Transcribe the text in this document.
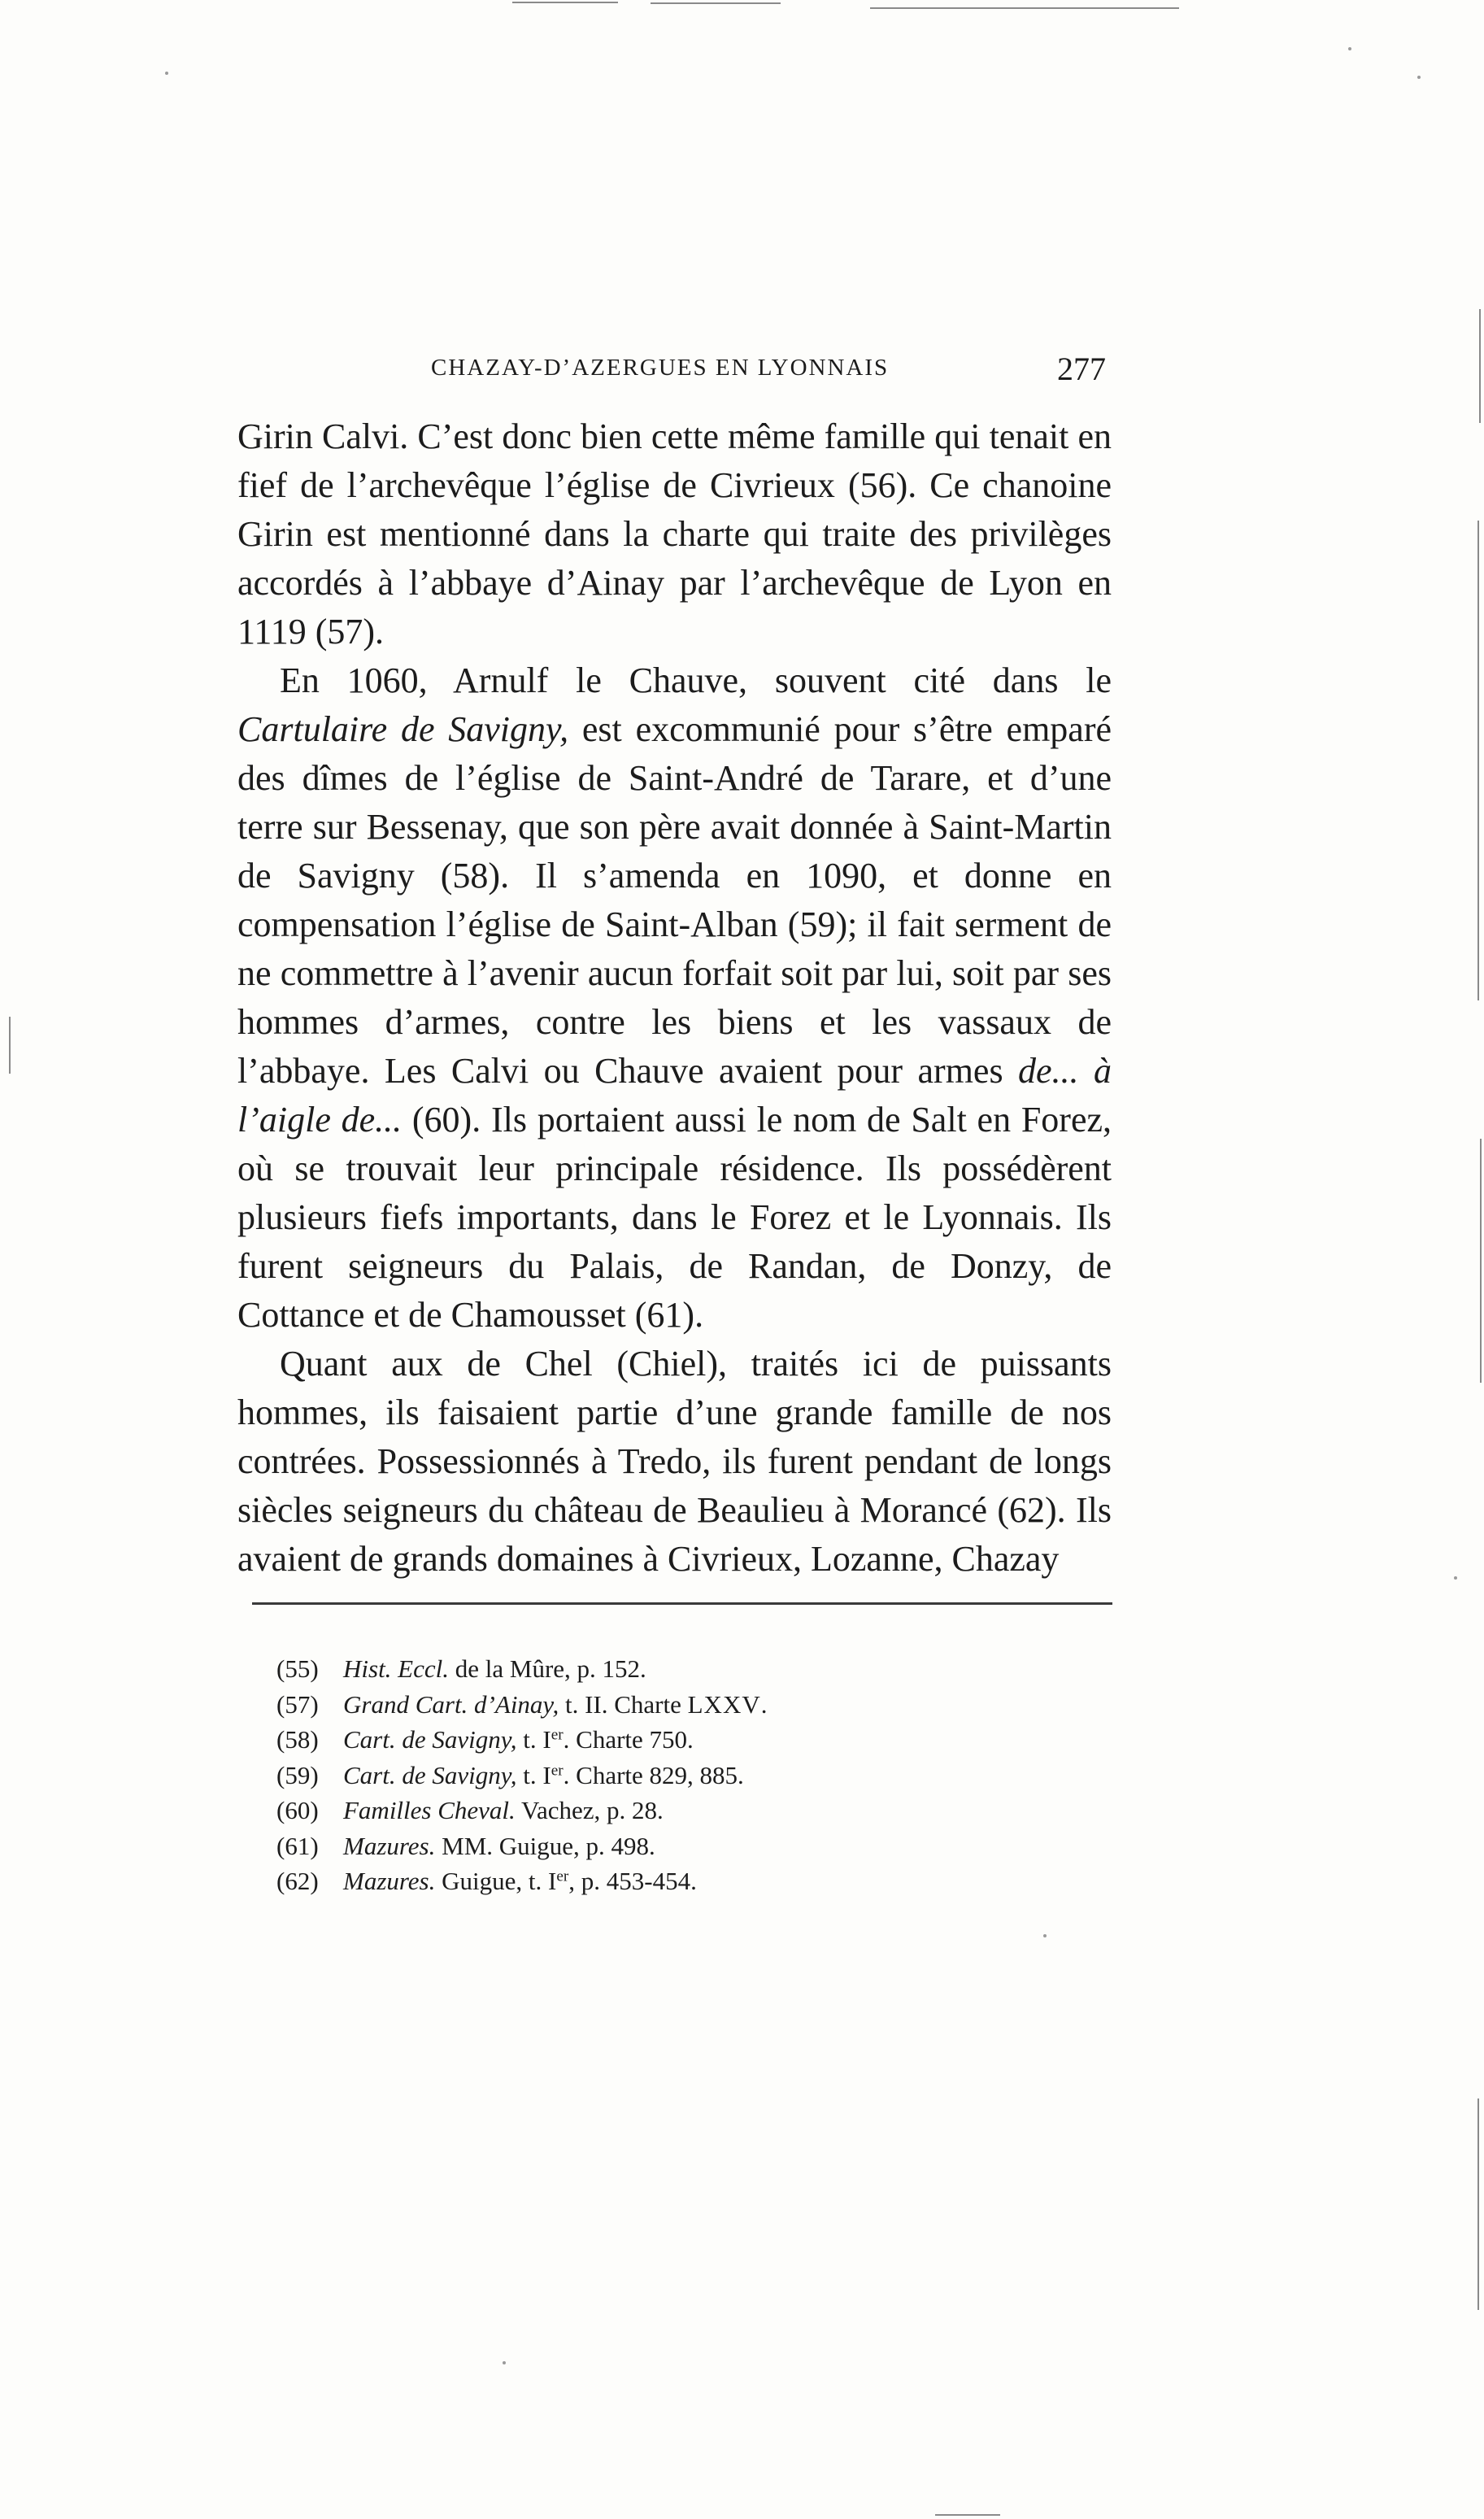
CHAZAY-D’AZERGUES EN LYONNAIS	277

Girin Calvi. C’est donc bien cette même famille qui tenait en fief de l’archevêque l’église de Civrieux (56). Ce chanoine Girin est mentionné dans la charte qui traite des privilèges accordés à l’abbaye d’Ainay par l’archevêque de Lyon en 1119 (57).

En 1060, Arnulf le Chauve, souvent cité dans le Cartulaire de Savigny, est excommunié pour s’être emparé des dîmes de l’église de Saint-André de Tarare, et d’une terre sur Bessenay, que son père avait donnée à Saint-Martin de Savigny (58). Il s’amenda en 1090, et donne en compensation l’église de Saint-Alban (59); il fait serment de ne commettre à l’avenir aucun forfait soit par lui, soit par ses hommes d’armes, contre les biens et les vassaux de l’abbaye. Les Calvi ou Chauve avaient pour armes de... à l’aigle de... (60). Ils portaient aussi le nom de Salt en Forez, où se trouvait leur principale résidence. Ils possédèrent plusieurs fiefs importants, dans le Forez et le Lyonnais. Ils furent seigneurs du Palais, de Randan, de Donzy, de Cottance et de Chamousset (61).

Quant aux de Chel (Chiel), traités ici de puissants hommes, ils faisaient partie d’une grande famille de nos contrées. Possessionnés à Tredo, ils furent pendant de longs siècles seigneurs du château de Beaulieu à Morancé (62). Ils avaient de grands domaines à Civrieux, Lozanne, Chazay

(55) Hist. Eccl. de la Mûre, p. 152.
(57) Grand Cart. d’Ainay, t. II. Charte LXXV.
(58) Cart. de Savigny, t. Ier. Charte 750.
(59) Cart. de Savigny, t. Ier. Charte 829, 885.
(60) Familles Cheval. Vachez, p. 28.
(61) Mazures. MM. Guigue, p. 498.
(62) Mazures. Guigue, t. Ier, p. 453-454.
